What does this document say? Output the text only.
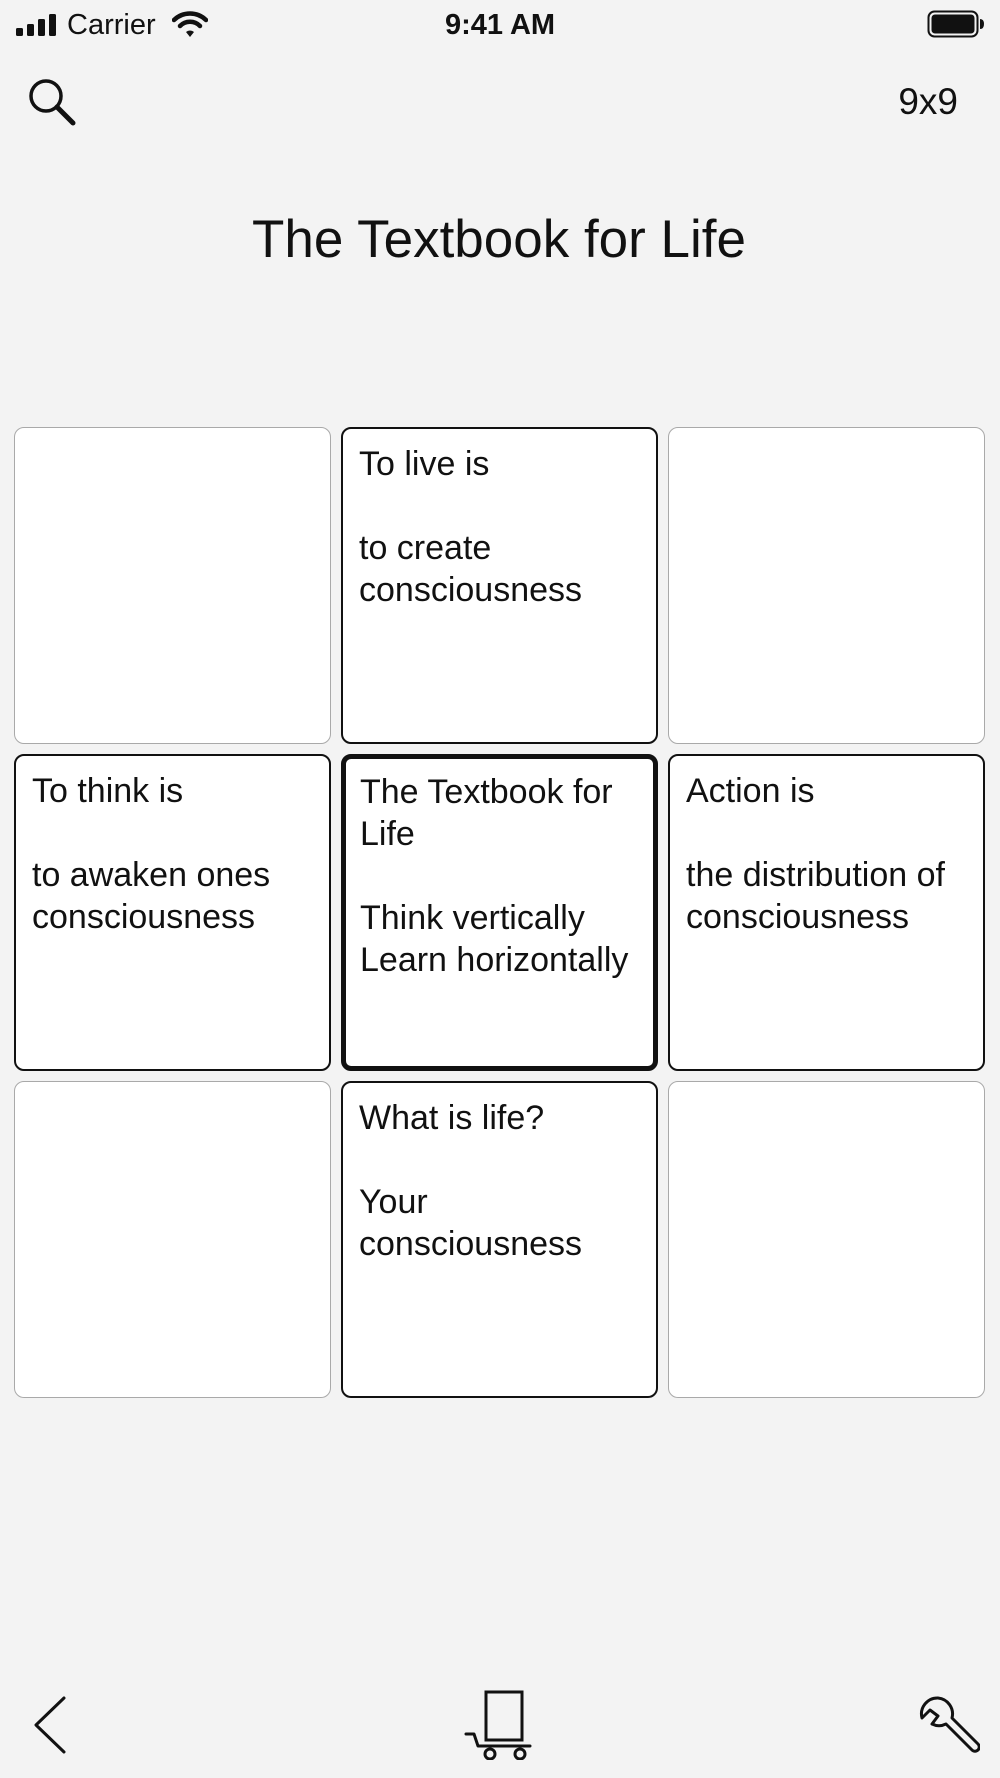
Carrier	9:41 AM
9x9
The Textbook for Life
To live is

to create consciousness
To think is

to awaken ones consciousness
The Textbook for Life

Think vertically
Learn horizontally
Action is

the distribution of consciousness
What is life?

Your consciousness
